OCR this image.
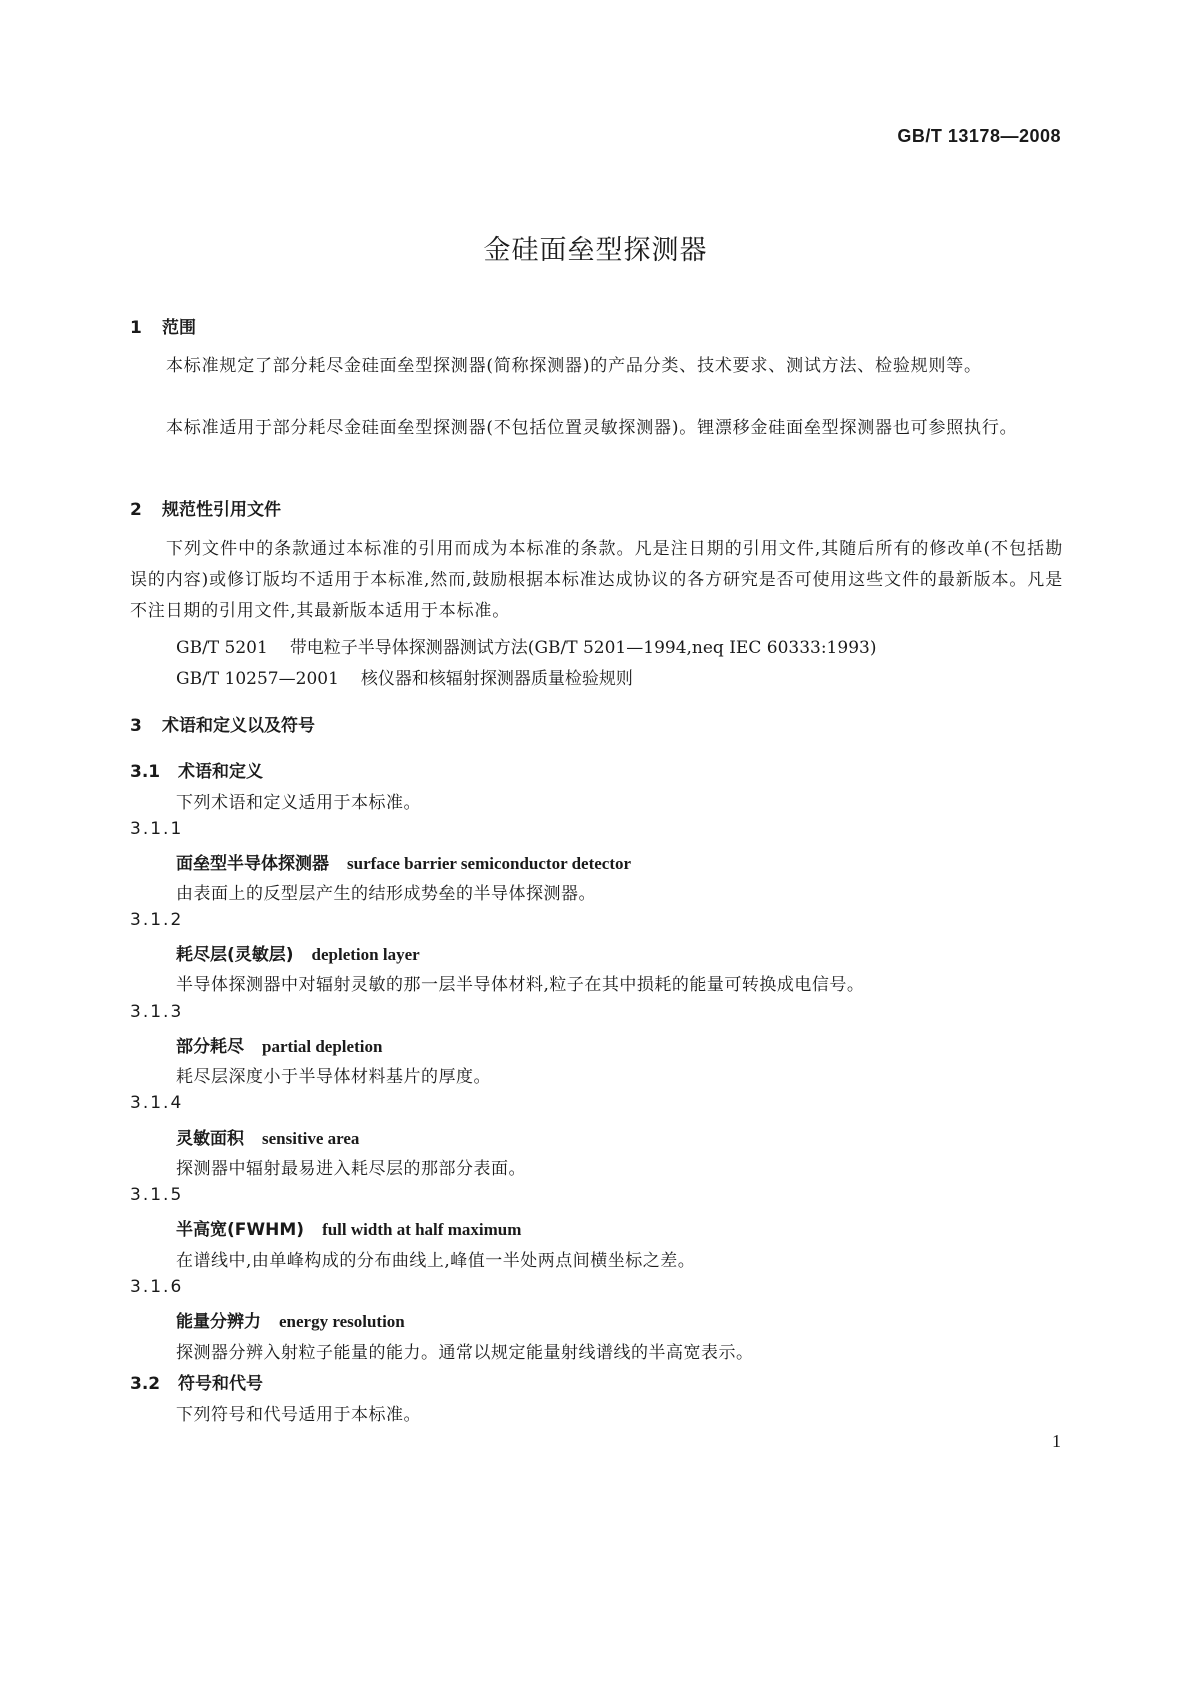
GB/T 13178—2008
金硅面垒型探测器
1 范围
本标准规定了部分耗尽金硅面垒型探测器(简称探测器)的产品分类、技术要求、测试方法、检验规则等。
本标准适用于部分耗尽金硅面垒型探测器(不包括位置灵敏探测器)。锂漂移金硅面垒型探测器也可参照执行。
2 规范性引用文件
下列文件中的条款通过本标准的引用而成为本标准的条款。凡是注日期的引用文件,其随后所有的修改单(不包括勘误的内容)或修订版均不适用于本标准,然而,鼓励根据本标准达成协议的各方研究是否可使用这些文件的最新版本。凡是不注日期的引用文件,其最新版本适用于本标准。
GB/T 5201 带电粒子半导体探测器测试方法(GB/T 5201—1994,neq IEC 60333:1993)
GB/T 10257—2001 核仪器和核辐射探测器质量检验规则
3 术语和定义以及符号
3.1 术语和定义
下列术语和定义适用于本标准。
3.1.1
面垒型半导体探测器 surface barrier semiconductor detector
由表面上的反型层产生的结形成势垒的半导体探测器。
3.1.2
耗尽层(灵敏层) depletion layer
半导体探测器中对辐射灵敏的那一层半导体材料,粒子在其中损耗的能量可转换成电信号。
3.1.3
部分耗尽 partial depletion
耗尽层深度小于半导体材料基片的厚度。
3.1.4
灵敏面积 sensitive area
探测器中辐射最易进入耗尽层的那部分表面。
3.1.5
半高宽(FWHM) full width at half maximum
在谱线中,由单峰构成的分布曲线上,峰值一半处两点间横坐标之差。
3.1.6
能量分辨力 energy resolution
探测器分辨入射粒子能量的能力。通常以规定能量射线谱线的半高宽表示。
3.2 符号和代号
下列符号和代号适用于本标准。
1
